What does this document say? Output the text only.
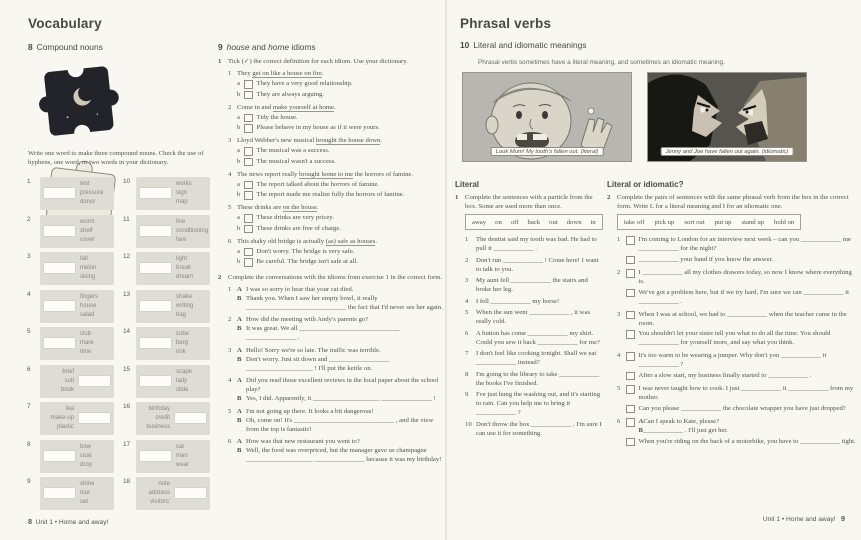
Vocabulary
8 Compound nouns

Write one word to make three compound nouns. Check the use of hyphens, one word, or two words in your dictionary.
1	test
pressure
donor
2	worm
shelf
cover
3	fall
melon
skiing
4	fingers
house
salad
5	club
mare
time
6	brief
suit
book
7	tea
make-up
plastic
8	bow
coat
drop
9	shine
rise
set
10	works
sign
map
11	line
conditioning
fare
12	light
break
dream
13	shake
writing
bag
14	cube
berg
rink
15	scape
lady
slide
16	birthday
credit
business
17	car
man
wear
18	note
address
visitors'
9 house and home idioms
1 Tick (✓) the correct definition for each idiom. Use your dictionary.
1 They get on like a house on fire.
a	They have a very good relationship.
b	They are always arguing.
2 Come in and make yourself at home.
a	Tidy the house.
b	Please behave in my house as if it were yours.
3 Lloyd Webber's new musical brought the house down.
a	The musical was a success.
b	The musical wasn't a success.
4 The news report really brought home to me the horrors of famine.
a	The report talked about the horrors of famine.
b	The report made me realize fully the horrors of famine.
5 These drinks are on the house.
a	These drinks are very pricey.
b	These drinks are free of charge.
6 This shaky old bridge is actually (as) safe as houses.
a	Don't worry. The bridge is very safe.
b	Be careful. The bridge isn't safe at all.
2 Complete the conversations with the idioms from exercise 1 in the correct form.
1 A I was so sorry to hear that your cat died.
B Thank you. When I saw her empty bowl, it really ______________________________ the fact that I'd never see her again.
2 A How did the meeting with Andy's parents go?
B It was great. We all ______________________________ _______________ .
3 A Hello! Sorry we're so late. The traffic was terrible.
B Don't worry. Just sit down and __________________ ____________________ ! I'll put the kettle on.
4 A Did you read those excellent reviews in the local paper about the school play?
B Yes, I did. Apparently, it ____________________ _______________ !
5 A I'm not going up there. It looks a bit dangerous!
B Oh, come on! It's ______________________________ , and the view from the top is fantastic!
6 A How was that new restaurant you went to?
B Well, the food was overpriced, but the manager gave us champagne ____________________ _______________ because it was my birthday!
8 Unit 1 • Home and away!
Phrasal verbs
10 Literal and idiomatic meanings
Phrasal verbs sometimes have a literal meaning, and sometimes an idiomatic meaning.
Look Mum! My tooth's fallen out. (literal)	Jenny and Joe have fallen out again. (idiomatic)
Literal
1 Complete the sentences with a particle from the box. Some are used more than once.
away on off back out down in
1	The dentist said my tooth was bad. He had to pull it ____________ .
2	Don't run ____________ ! Come here! I want to talk to you.
3	My aunt fell ____________ the stairs and broke her leg.
4	I fell ____________ my horse!
5	When the sun went ____________ , it was really cold.
6	A button has come ____________ my shirt. Could you sew it back ____________ for me?
7	I don't feel like cooking tonight. Shall we eat ____________ instead?
8	I'm going to the library to take ____________ the books I've finished.
9	I've just hung the washing out, and it's starting to rain. Can you help me to bring it ____________ ?
10 Don't throw the box ____________ . I'm sure I can use it for something.
Literal or idiomatic?
2 Complete the pairs of sentences with the same phrasal verb from the box in the correct form. Write L for a literal meaning and I for an idiomatic one.
take off pick up sort out put up stand up hold on
1	I'm coming to London for an interview next week – can you ____________ me ____________ for the night?
____________ your hand if you know the answer.
2	I ____________ all my clothes drawers today, so now I know where everything is.
We've got a problem here, but if we try hard, I'm sure we can ____________ it ____________ .
3	When I was at school, we had to ____________ when the teacher came in the room.
You shouldn't let your sister tell you what to do all the time. You should ____________ for yourself more, and say what you think.
4	It's too warm to be wearing a jumper. Why don't you ____________ it ____________ ?
After a slow start, my business finally started to ____________ .
5	I was never taught how to cook. I just ____________ it ____________ from my mother.
Can you please ____________ the chocolate wrapper you have just dropped?
6	ACan I speak to Kate, please?
B____________ . I'll just get her.
When you're riding on the back of a motorbike, you have to ____________ tight.
Unit 1 • Home and away! 9
